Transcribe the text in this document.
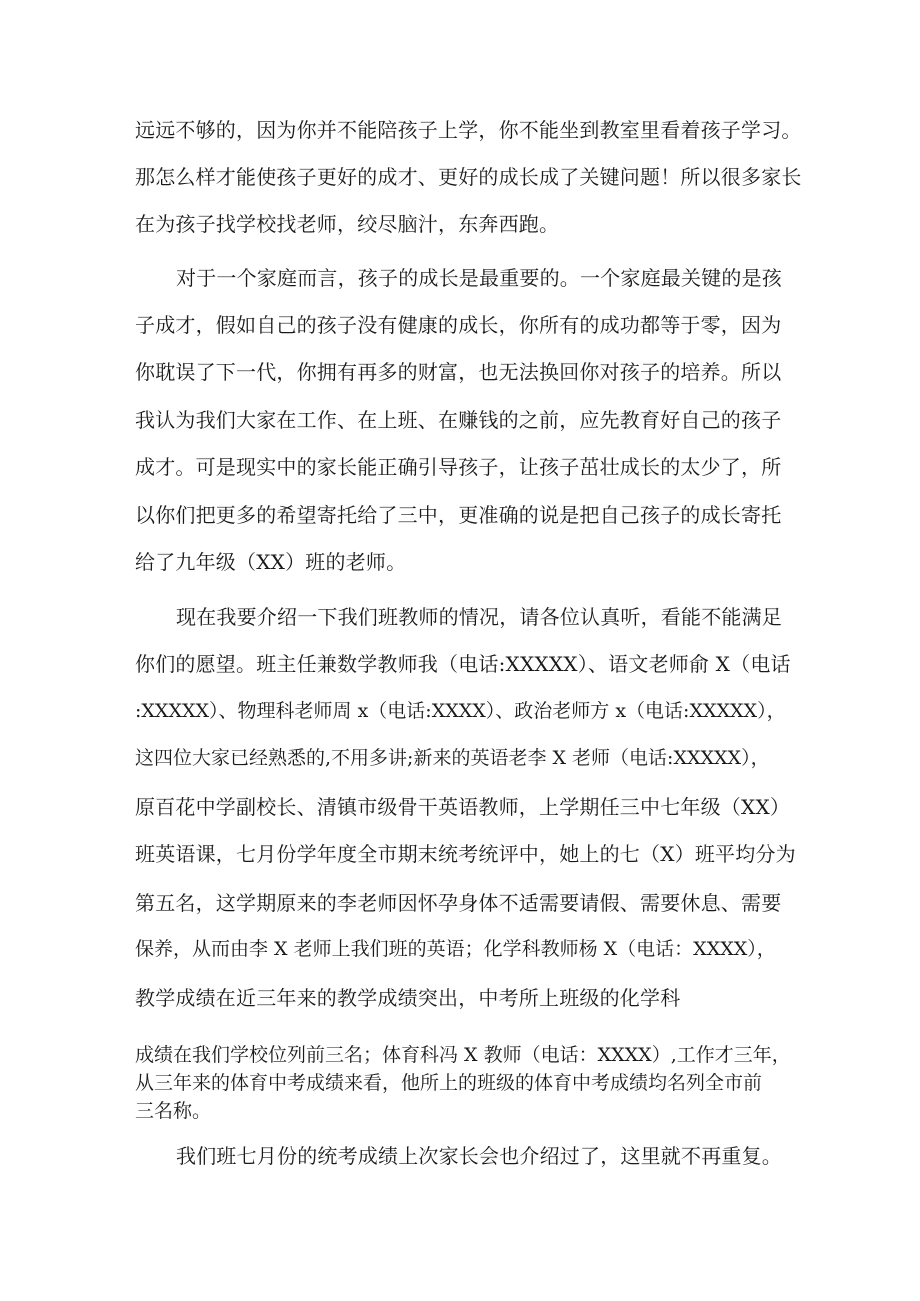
远远不够的，因为你并不能陪孩子上学，你不能坐到教室里看着孩子学习。
那怎么样才能使孩子更好的成才、更好的成长成了关键问题！所以很多家长
在为孩子找学校找老师，绞尽脑汁，东奔西跑。
对于一个家庭而言，孩子的成长是最重要的。一个家庭最关键的是孩
子成才，假如自己的孩子没有健康的成长，你所有的成功都等于零，因为
你耽误了下一代，你拥有再多的财富，也无法换回你对孩子的培养。所以
我认为我们大家在工作、在上班、在赚钱的之前，应先教育好自己的孩子
成才。可是现实中的家长能正确引导孩子，让孩子茁壮成长的太少了，所
以你们把更多的希望寄托给了三中，更准确的说是把自己孩子的成长寄托
给了九年级（XX）班的老师。
现在我要介绍一下我们班教师的情况，请各位认真听，看能不能满足
你们的愿望。班主任兼数学教师我（电话:XXXXX）、语文老师俞 X（电话
:XXXXX）、物理科老师周 x（电话:XXXX）、政治老师方 x（电话:XXXXX），
这四位大家已经熟悉的,不用多讲;新来的英语老李 X 老师（电话:XXXXX），
原百花中学副校长、清镇市级骨干英语教师，上学期任三中七年级（XX）
班英语课，七月份学年度全市期末统考统评中，她上的七（X）班平均分为
第五名，这学期原来的李老师因怀孕身体不适需要请假、需要休息、需要
保养，从而由李 X 老师上我们班的英语；化学科教师杨 X（电话：XXXX），
教学成绩在近三年来的教学成绩突出，中考所上班级的化学科
成绩在我们学校位列前三名；体育科冯 X 教师（电话：XXXX）,工作才三年，
从三年来的体育中考成绩来看，他所上的班级的体育中考成绩均名列全市前
三名称。
我们班七月份的统考成绩上次家长会也介绍过了，这里就不再重复。
